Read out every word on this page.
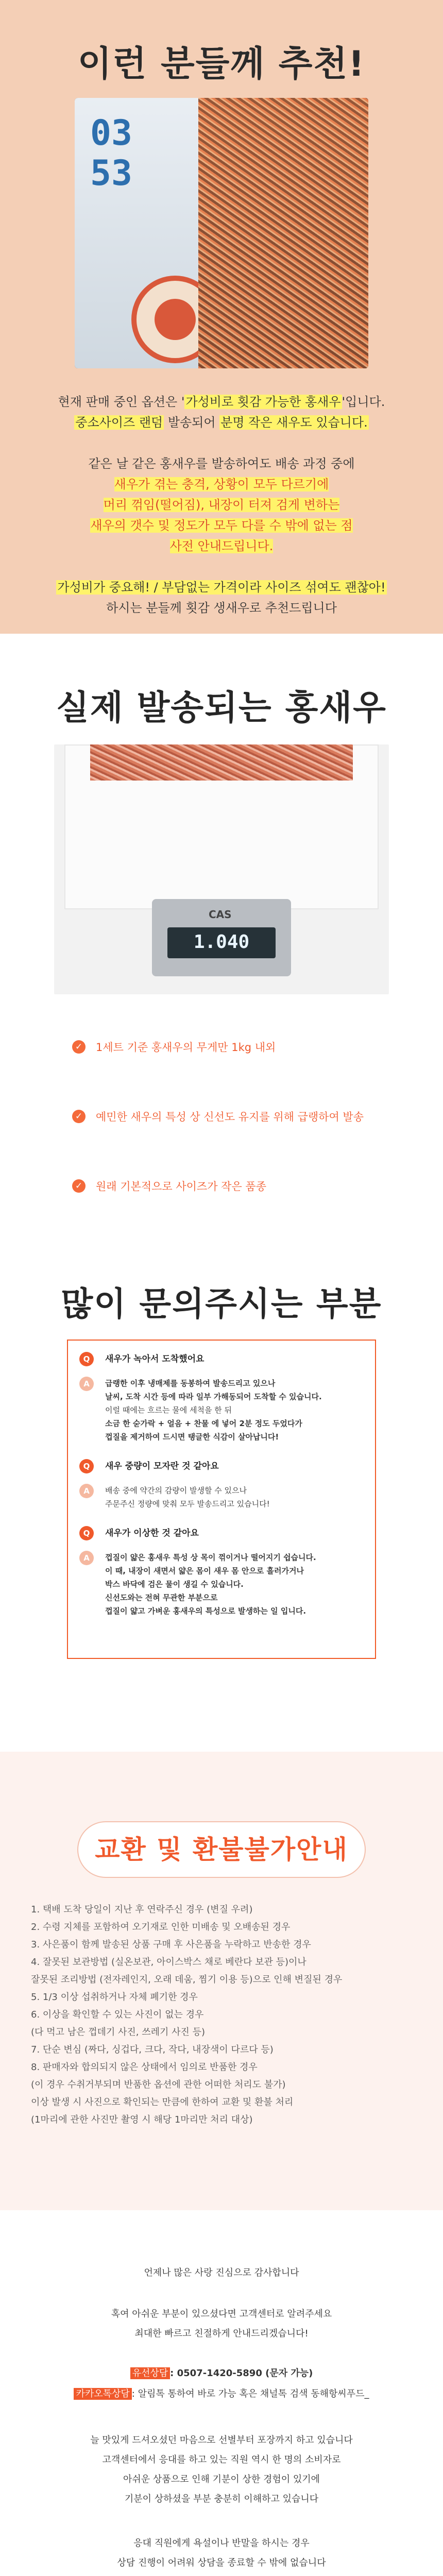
이런 분들께 추천!
03
53
현재 판매 중인 옵션은 '가성비로 횟감 가능한 홍새우'입니다.
중소사이즈 랜덤 발송되어 분명 작은 새우도 있습니다.
같은 날 같은 홍새우를 발송하여도 배송 과정 중에
새우가 겪는 충격, 상황이 모두 다르기에
머리 꺾임(떨어짐), 내장이 터져 검게 변하는
새우의 갯수 및 정도가 모두 다를 수 밖에 없는 점
사전 안내드립니다.
가성비가 중요해! / 부담없는 가격이라 사이즈 섞여도 괜찮아!
하시는 분들께 횟감 생새우로 추천드립니다
실제 발송되는 홍새우
CAS
1.040
✓ 1세트 기준 홍새우의 무게만 1kg 내외
✓ 예민한 새우의 특성 상 신선도 유지를 위해 급랭하여 발송
✓ 원래 기본적으로 사이즈가 작은 품종
많이 문의주시는 부분
Q	새우가 녹아서 도착했어요
A	급랭한 이후 냉매제를 동봉하여 발송드리고 있으나
날씨, 도착 시간 등에 따라 일부 가해동되어 도착할 수 있습니다.
이럴 때에는 흐르는 물에 세척을 한 뒤
소금 한 숟가락 + 얼음 + 찬물 에 넣어 2분 정도 두었다가
껍질을 제거하여 드시면 탱글한 식감이 살아납니다!
Q	새우 중량이 모자란 것 같아요
A	배송 중에 약간의 감량이 발생할 수 있으나
주문주신 정량에 맞춰 모두 발송드리고 있습니다!
Q	새우가 이상한 것 같아요
A	껍질이 얇은 홍새우 특성 상 목이 꺾이거나 떨어지기 쉽습니다.
이 때, 내장이 새면서 얇은 몸이 새우 몸 안으로 흘러가거나
박스 바닥에 검은 물이 생길 수 있습니다.
신선도와는 전혀 무관한 부분으로
껍질이 얇고 가벼운 홍새우의 특성으로 발생하는 일 입니다.
교환 및 환불불가안내
1. 택배 도착 당일이 지난 후 연락주신 경우 (변질 우려)
2. 수령 지체를 포함하여 오기재로 인한 미배송 및 오배송된 경우
3. 사은품이 함께 발송된 상품 구매 후 사은품을 누락하고 반송한 경우
4. 잘못된 보관방법 (실온보관, 아이스박스 채로 베란다 보관 등)이나
잘못된 조리방법 (전자레인지, 오래 데움, 찜기 이용 등)으로 인해 변질된 경우
5. 1/3 이상 섭취하거나 자체 폐기한 경우
6. 이상을 확인할 수 있는 사진이 없는 경우
(다 먹고 남은 껍데기 사진, 쓰레기 사진 등)
7. 단순 변심 (짜다, 싱겁다, 크다, 작다, 내장색이 다르다 등)
8. 판매자와 합의되지 않은 상태에서 임의로 반품한 경우
(이 경우 수취거부되며 반품한 옵션에 관한 어떠한 처리도 불가)
이상 발생 시 사진으로 확인되는 만큼에 한하여 교환 및 환불 처리
(1마리에 관한 사진만 촬영 시 해당 1마리만 처리 대상)
언제나 많은 사랑 진심으로 감사합니다
혹여 아쉬운 부분이 있으셨다면 고객센터로 알려주세요
최대한 빠르고 친절하게 안내드리겠습니다!
유선상담 : 0507-1420-5890 (문자 가능)
카카오톡상담 : 알림톡 통하여 바로 가능 혹은 채널톡 검색 동해항씨푸드_
늘 맛있게 드셔오셨던 마음으로 선별부터 포장까지 하고 있습니다
고객센터에서 응대를 하고 있는 직원 역시 한 명의 소비자로
아쉬운 상품으로 인해 기분이 상한 경험이 있기에
기분이 상하셨을 부분 충분히 이해하고 있습니다
응대 직원에게 욕설이나 반말을 하시는 경우
상담 진행이 어려워 상담을 종료할 수 밖에 없습니다
